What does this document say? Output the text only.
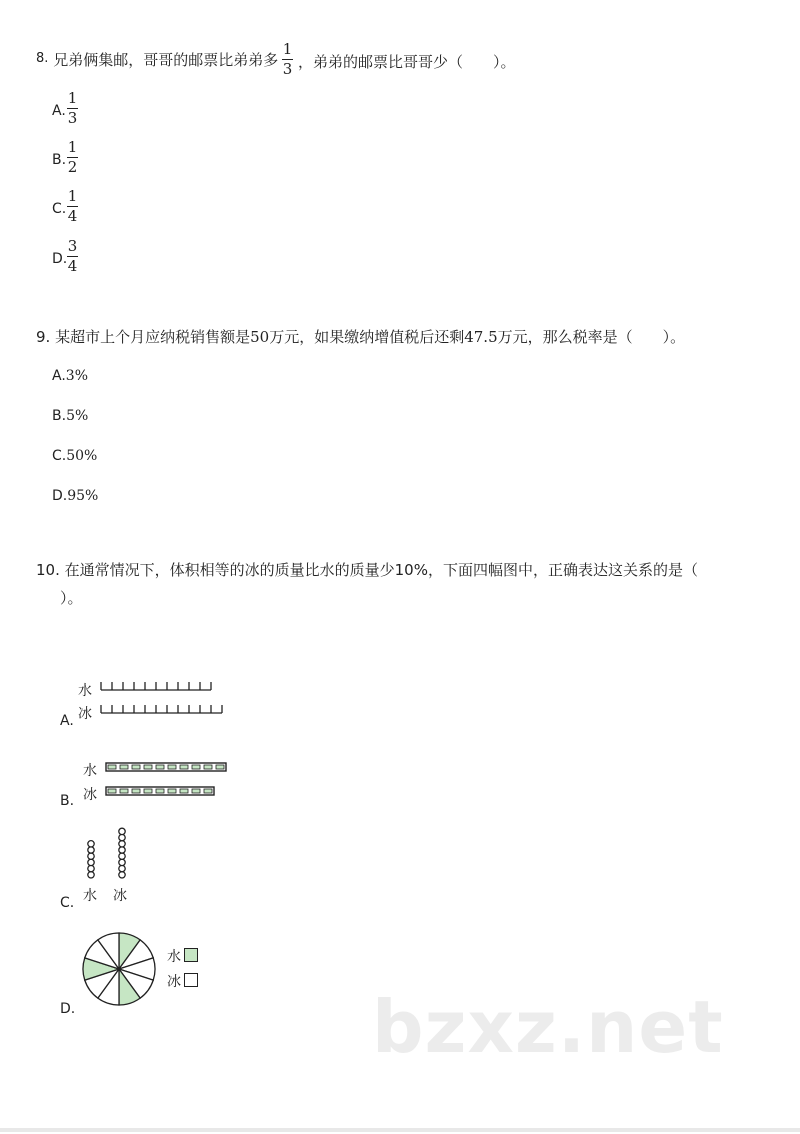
8. 兄弟俩集邮，哥哥的邮票比弟弟多
1
3 ，弟弟的邮票比哥哥少（　　）。
A.
1
3
B.
1
2
C.
1
4
D.
3
4
9. 某超市上个月应纳税销售额是50万元，如果缴纳增值税后还剩47.5万元，那么税率是（　　）。
A.3%
B.5%
C.50%
D.95%
10. 在通常情况下，体积相等的冰的质量比水的质量少10%，下面四幅图中，正确表达这关系的是（
）。
A.
水
冰
B.
水
冰
C. 水 冰
D.
水
冰
bzxz.net
